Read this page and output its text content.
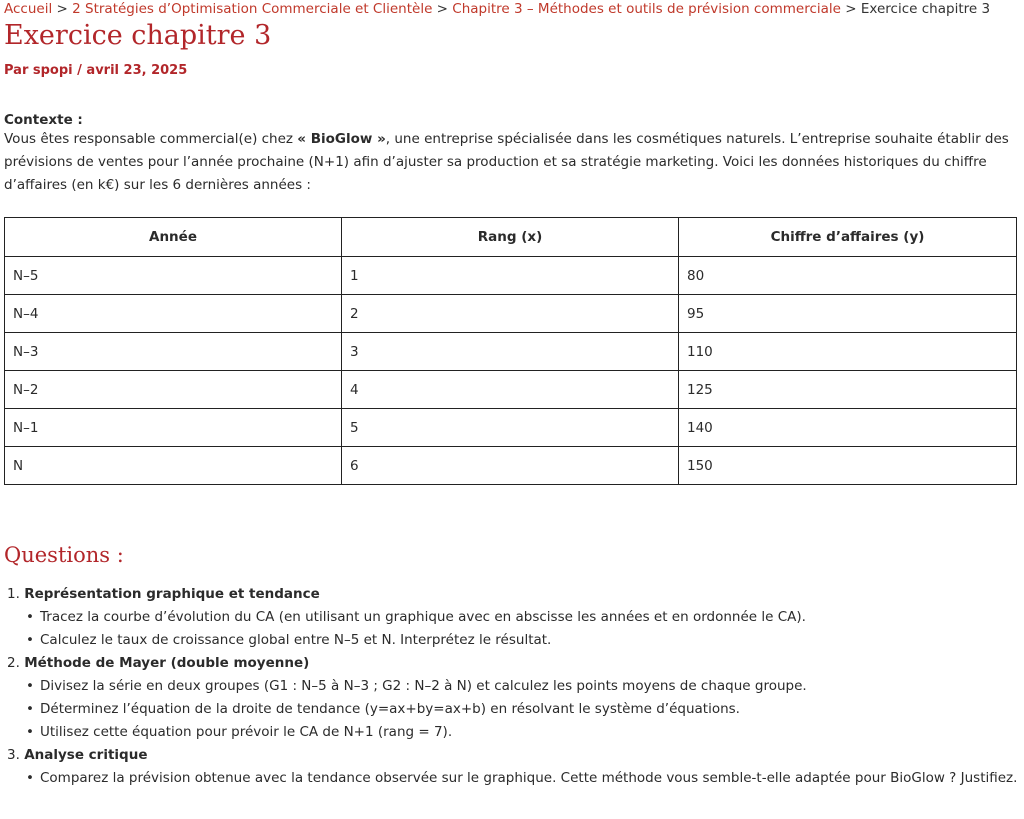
Accueil > 2 Stratégies d’Optimisation Commerciale et Clientèle > Chapitre 3 – Méthodes et outils de prévision commerciale > Exercice chapitre 3
Exercice chapitre 3
Par spopi / avril 23, 2025
Contexte :
Vous êtes responsable commercial(e) chez « BioGlow », une entreprise spécialisée dans les cosmétiques naturels. L’entreprise souhaite établir des prévisions de ventes pour l’année prochaine (N+1) afin d’ajuster sa production et sa stratégie marketing. Voici les données historiques du chiffre d’affaires (en k€) sur les 6 dernières années :
Année	Rang (x)	Chiffre d’affaires (y)
N–5	1	80
N–4	2	95
N–3	3	110
N–2	4	125
N–1	5	140
N	6	150
Questions :
1. Représentation graphique et tendance
• Tracez la courbe d’évolution du CA (en utilisant un graphique avec en abscisse les années et en ordonnée le CA).
• Calculez le taux de croissance global entre N–5 et N. Interprétez le résultat.
2. Méthode de Mayer (double moyenne)
• Divisez la série en deux groupes (G1 : N–5 à N–3 ; G2 : N–2 à N) et calculez les points moyens de chaque groupe.
• Déterminez l’équation de la droite de tendance (y=ax+by=ax+b) en résolvant le système d’équations.
• Utilisez cette équation pour prévoir le CA de N+1 (rang = 7).
3. Analyse critique
• Comparez la prévision obtenue avec la tendance observée sur le graphique. Cette méthode vous semble-t-elle adaptée pour BioGlow ? Justifiez.
